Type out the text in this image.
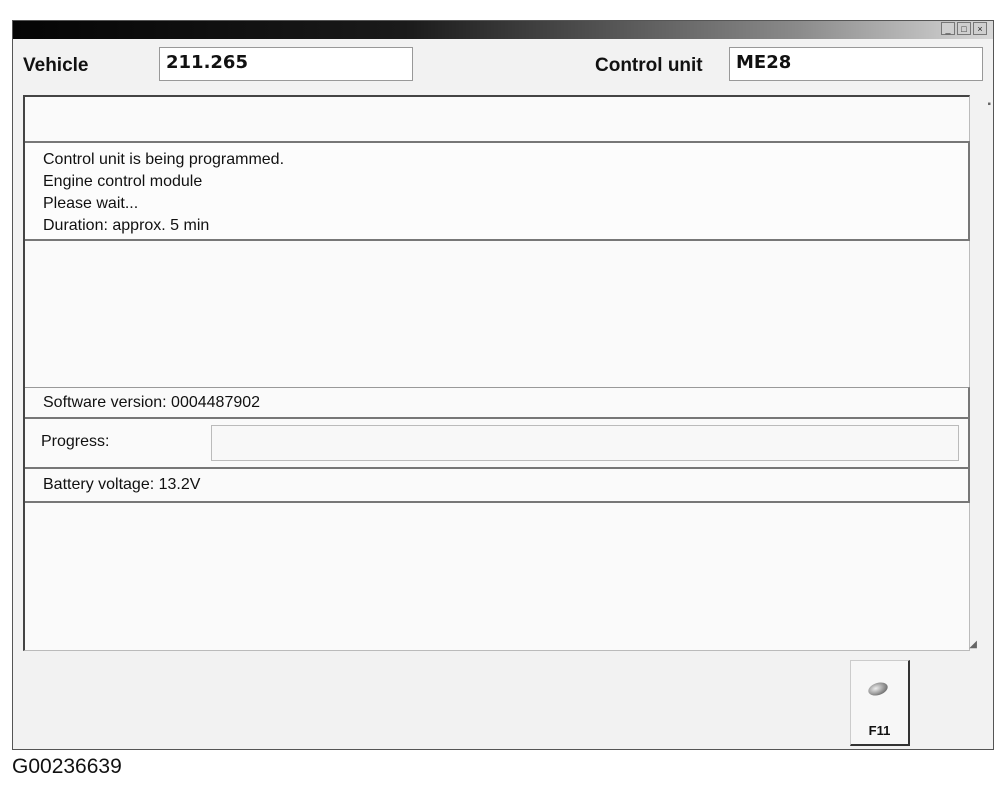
_	□	×
Vehicle	211.265	Control unit	ME28
Control unit is being programmed.
Engine control module
Please wait...
Duration: approx. 5 min
Software version: 0004487902
Progress:
Battery voltage: 13.2V
▪
◢
F11
G00236639
